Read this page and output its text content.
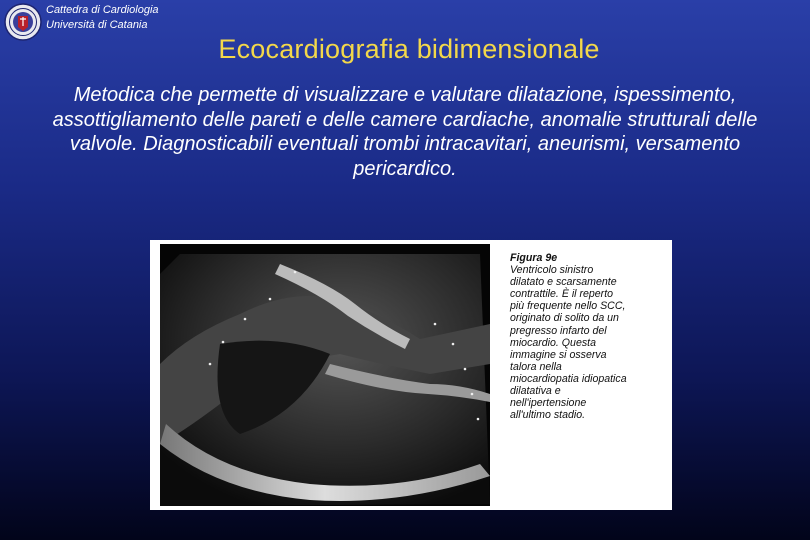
Cattedra di Cardiologia
Università di Catania
Ecocardiografia bidimensionale
Metodica che permette di visualizzare e valutare dilatazione, ispessimento, assottigliamento delle pareti e delle camere cardiache, anomalie strutturali delle valvole. Diagnosticabili eventuali trombi intracavitari, aneurismi, versamento pericardico.
Figura 9e
Ventricolo sinistro
dilatato e scarsamente
contrattile. È il reperto
più frequente nello SCC,
originato di solito da un
pregresso infarto del
miocardio. Questa
immagine si osserva
talora nella
miocardiopatia idiopatica
dilatativa e
nell'ipertensione
all'ultimo stadio.
